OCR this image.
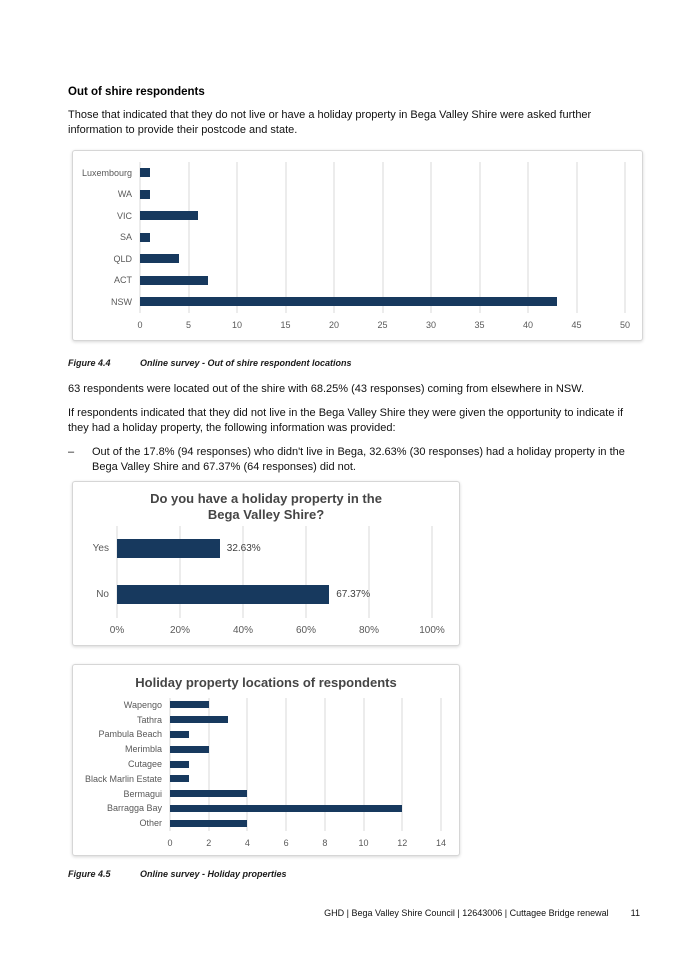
Out of shire respondents

Those that indicated that they do not live or have a holiday property in Bega Valley Shire were asked further information to provide their postcode and state.

Luxembourg
WA
VIC
SA
QLD
ACT
NSW
0	5	10	15	20	25	30	35	40	45	50
Figure 4.4	Online survey - Out of shire respondent locations

63 respondents were located out of the shire with 68.25% (43 responses) coming from elsewhere in NSW.

If respondents indicated that they did not live in the Bega Valley Shire they were given the opportunity to indicate if they had a holiday property, the following information was provided:

–	Out of the 17.8% (94 responses) who didn't live in Bega, 32.63% (30 responses) had a holiday property in the Bega Valley Shire and 67.37% (64 responses) did not.
Do you have a holiday property in the Bega Valley Shire?
Yes	32.63%
No	67.37%
0%	20%	40%	60%	80%	100%
Holiday property locations of respondents
Wapengo
Tathra
Pambula Beach
Merimbla
Cutagee
Black Marlin Estate
Bermagui
Barragga Bay
Other
0	2	4	6	8	10	12	14
Figure 4.5	Online survey - Holiday properties
GHD | Bega Valley Shire Council | 12643006 | Cuttagee Bridge renewal 11
